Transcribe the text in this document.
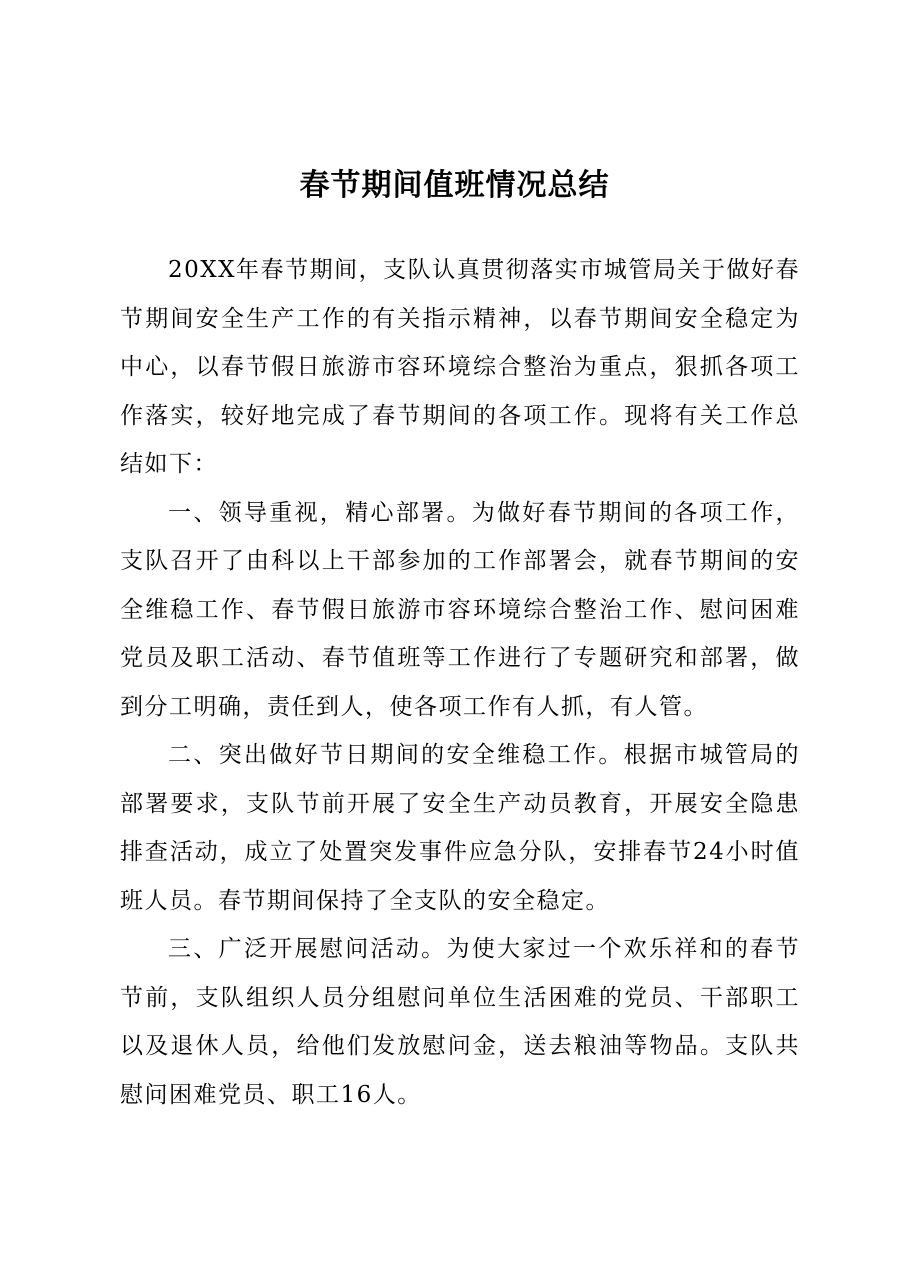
春节期间值班情况总结

20XX年春节期间，支队认真贯彻落实市城管局关于做好春节期间安全生产工作的有关指示精神，以春节期间安全稳定为中心，以春节假日旅游市容环境综合整治为重点，狠抓各项工作落实，较好地完成了春节期间的各项工作。现将有关工作总结如下：

一、领导重视，精心部署。为做好春节期间的各项工作，支队召开了由科以上干部参加的工作部署会，就春节期间的安全维稳工作、春节假日旅游市容环境综合整治工作、慰问困难党员及职工活动、春节值班等工作进行了专题研究和部署，做到分工明确，责任到人，使各项工作有人抓，有人管。

二、突出做好节日期间的安全维稳工作。根据市城管局的部署要求，支队节前开展了安全生产动员教育，开展安全隐患排查活动，成立了处置突发事件应急分队，安排春节24小时值班人员。春节期间保持了全支队的安全稳定。

三、广泛开展慰问活动。为使大家过一个欢乐祥和的春节节前，支队组织人员分组慰问单位生活困难的党员、干部职工以及退休人员，给他们发放慰问金，送去粮油等物品。支队共慰问困难党员、职工16人。
